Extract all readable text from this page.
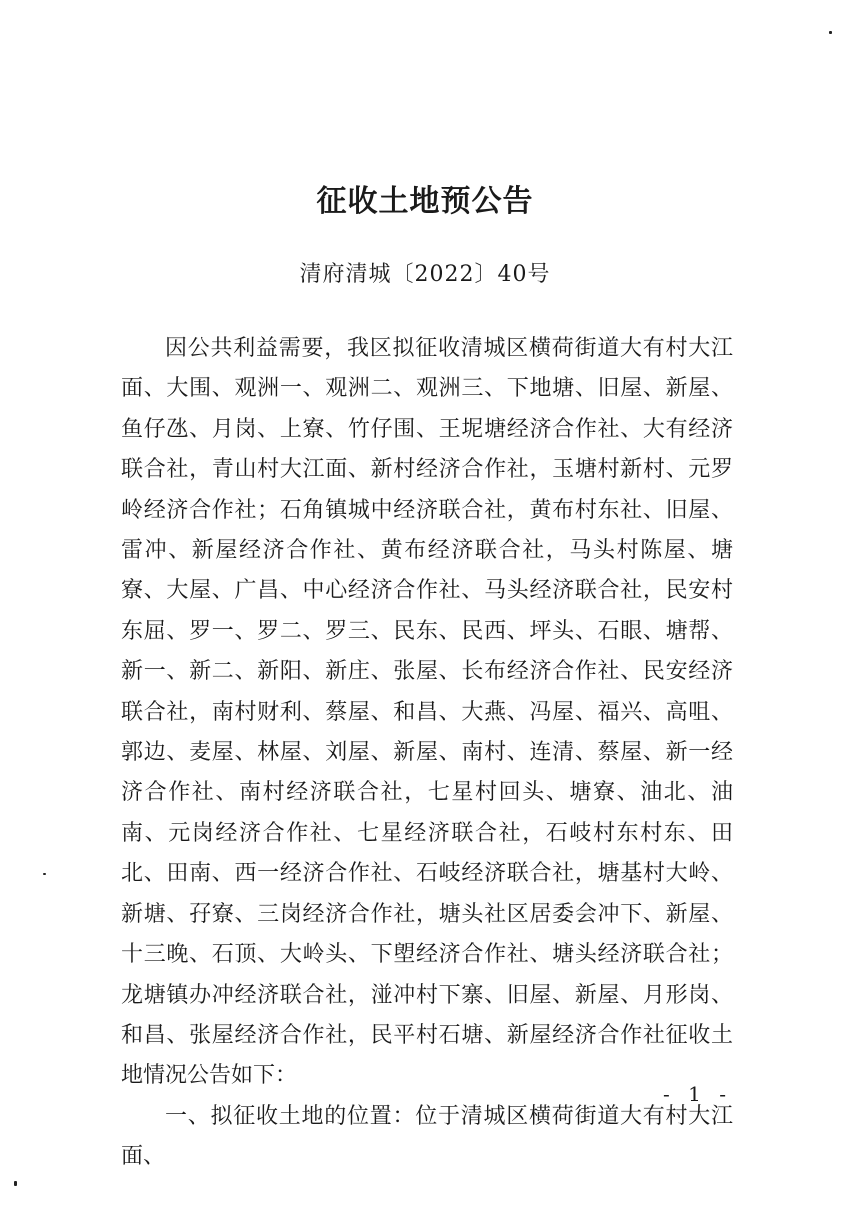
征收土地预公告
清府清城〔2022〕40号

因公共利益需要，我区拟征收清城区横荷街道大有村大江面、大围、观洲一、观洲二、观洲三、下地塘、旧屋、新屋、鱼仔氹、月岗、上寮、竹仔围、王坭塘经济合作社、大有经济联合社，青山村大江面、新村经济合作社，玉塘村新村、元罗岭经济合作社；石角镇城中经济联合社，黄布村东社、旧屋、雷冲、新屋经济合作社、黄布经济联合社，马头村陈屋、塘寮、大屋、广昌、中心经济合作社、马头经济联合社，民安村东屈、罗一、罗二、罗三、民东、民西、坪头、石眼、塘帮、新一、新二、新阳、新庄、张屋、长布经济合作社、民安经济联合社，南村财利、蔡屋、和昌、大燕、冯屋、福兴、高咀、郭边、麦屋、林屋、刘屋、新屋、南村、连清、蔡屋、新一经济合作社、南村经济联合社，七星村回头、塘寮、油北、油南、元岗经济合作社、七星经济联合社，石岐村东村东、田北、田南、西一经济合作社、石岐经济联合社，塘基村大岭、新塘、孖寮、三岗经济合作社，塘头社区居委会冲下、新屋、十三晚、石顶、大岭头、下塱经济合作社、塘头经济联合社；龙塘镇办冲经济联合社，湴冲村下寨、旧屋、新屋、月形岗、和昌、张屋经济合作社，民平村石塘、新屋经济合作社征收土地情况公告如下：

一、拟征收土地的位置：位于清城区横荷街道大有村大江面、

- 1 -
